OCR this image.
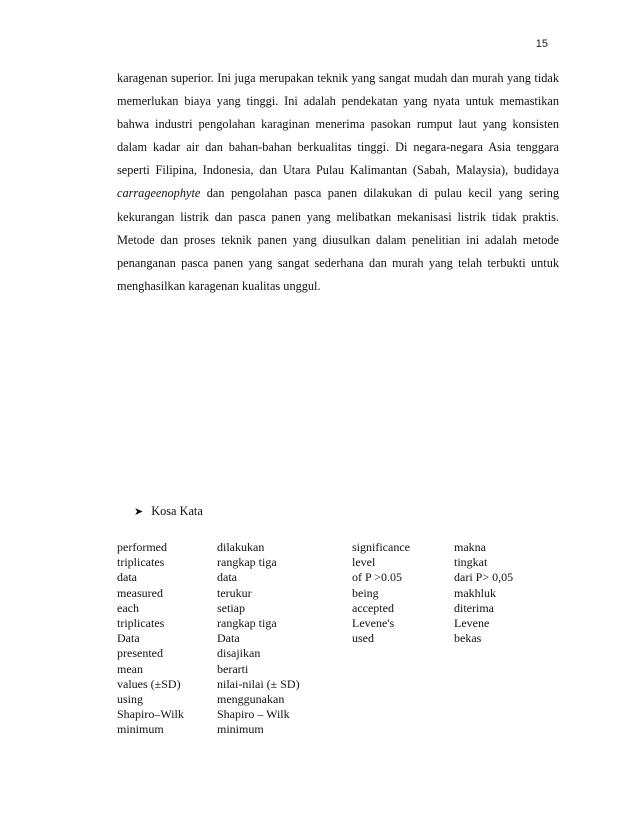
15

karagenan superior. Ini juga merupakan teknik yang sangat mudah dan murah yang tidak memerlukan biaya yang tinggi. Ini adalah pendekatan yang nyata untuk memastikan bahwa industri pengolahan karaginan menerima pasokan rumput laut yang konsisten dalam kadar air dan bahan-bahan berkualitas tinggi. Di negara-negara Asia tenggara seperti Filipina, Indonesia, dan Utara Pulau Kalimantan (Sabah, Malaysia), budidaya carrageenophyte dan pengolahan pasca panen dilakukan di pulau kecil yang sering kekurangan listrik dan pasca panen yang melibatkan mekanisasi listrik tidak praktis. Metode dan proses teknik panen yang diusulkan dalam penelitian ini adalah metode penanganan pasca panen yang sangat sederhana dan murah yang telah terbukti untuk menghasilkan karagenan kualitas unggul.

➤ Kosa Kata
performed	dilakukan	significance	makna
triplicates	rangkap tiga	level	tingkat
data	data	of P >0.05	dari P> 0,05
measured	terukur	being	makhluk
each	setiap	accepted	diterima
triplicates	rangkap tiga	Levene's	Levene
Data	Data	used	bekas
presented	disajikan		
mean	berarti		
values (±SD)	nilai-nilai (± SD)		
using	menggunakan		
Shapiro–Wilk	Shapiro – Wilk		
minimum	minimum		
